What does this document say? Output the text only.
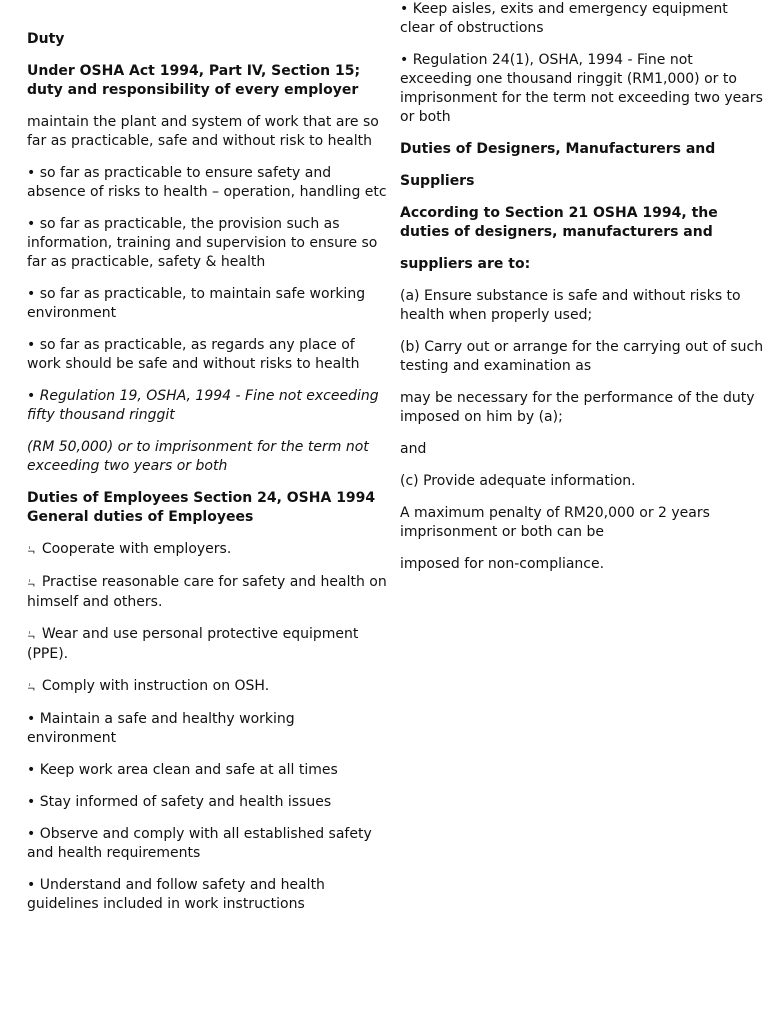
Duty
Under OSHA Act 1994, Part IV, Section 15; duty and responsibility of every employer
maintain the plant and system of work that are so far as practicable, safe and without risk to health
• so far as practicable to ensure safety and absence of risks to health – operation, handling etc
• so far as practicable, the provision such as information, training and supervision to ensure so far as practicable, safety & health
• so far as practicable, to maintain safe working environment
• so far as practicable, as regards any place of work should be safe and without risks to health
• Regulation 19, OSHA, 1994 - Fine not exceeding fifty thousand ringgit
(RM 50,000) or to imprisonment for the term not exceeding two years or both
Duties of Employees Section 24, OSHA 1994 General duties of Employees
¬ٰ Cooperate with employers.
¬ٰ Practise reasonable care for safety and health on himself and others.
¬ٰ Wear and use personal protective equipment (PPE).
¬ٰ Comply with instruction on OSH.
• Maintain a safe and healthy working environment
• Keep work area clean and safe at all times
• Stay informed of safety and health issues
• Observe and comply with all established safety and health requirements
• Understand and follow safety and health guidelines included in work instructions
• Keep aisles, exits and emergency equipment clear of obstructions
• Regulation 24(1), OSHA, 1994 - Fine not exceeding one thousand ringgit (RM1,000) or to imprisonment for the term not exceeding two years or both
Duties of Designers, Manufacturers and
Suppliers
According to Section 21 OSHA 1994, the duties of designers, manufacturers and
suppliers are to:
(a) Ensure substance is safe and without risks to health when properly used;
(b) Carry out or arrange for the carrying out of such testing and examination as
may be necessary for the performance of the duty imposed on him by (a);
and
(c) Provide adequate information.
A maximum penalty of RM20,000 or 2 years imprisonment or both can be
imposed for non-compliance.
